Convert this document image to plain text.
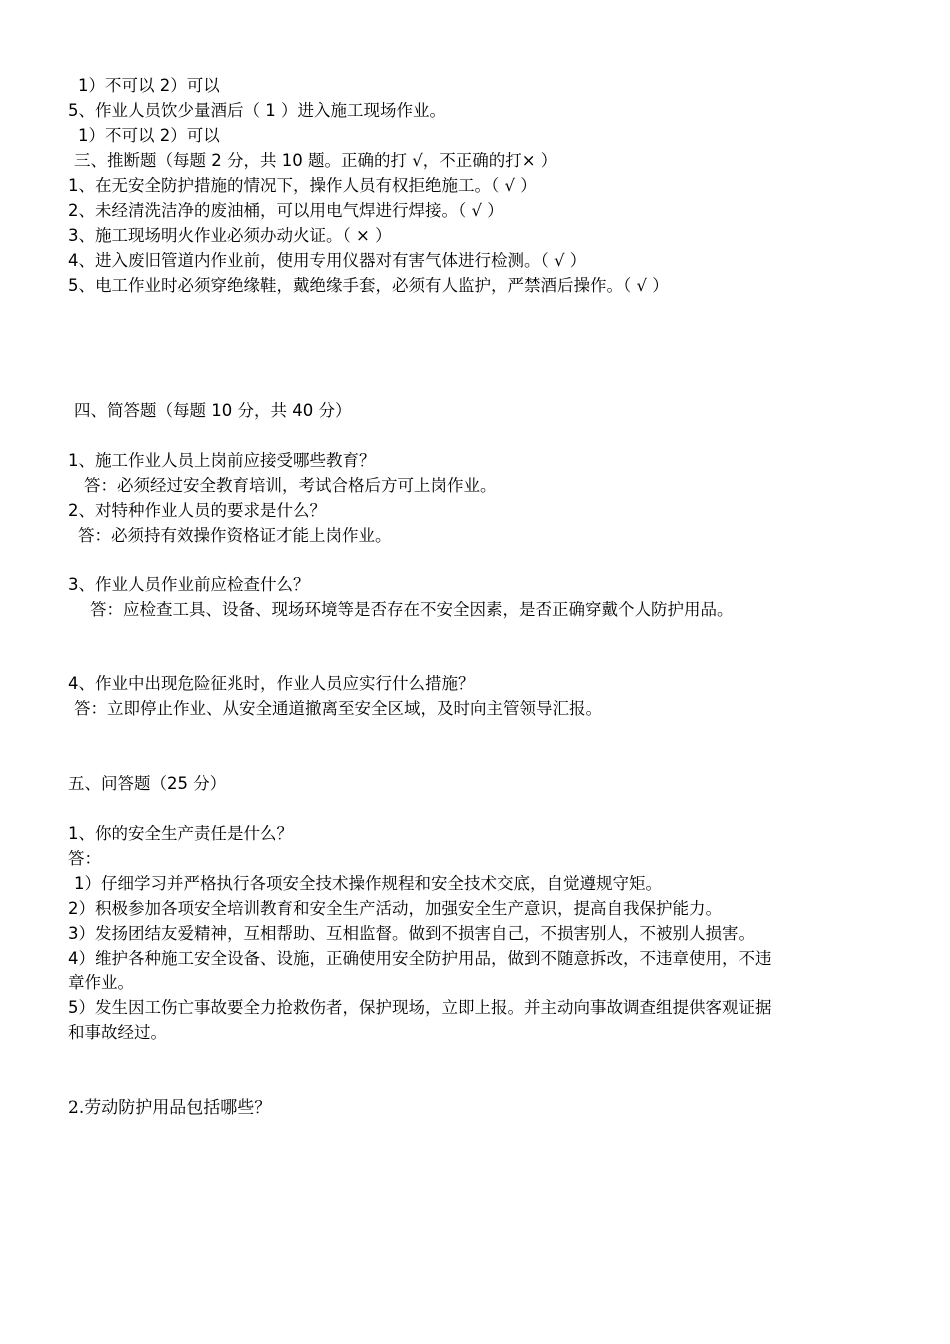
1）不可以 2）可以
5、作业人员饮少量酒后（ 1 ）进入施工现场作业。
1）不可以 2）可以
三、推断题（每题 2 分，共 10 题。正确的打 √，不正确的打× ）
1、在无安全防护措施的情况下，操作人员有权拒绝施工。（ √ ）
2、未经清洗洁净的废油桶，可以用电气焊进行焊接。（ √ ）
3、施工现场明火作业必须办动火证。（ × ）
4、进入废旧管道内作业前，使用专用仪器对有害气体进行检测。（ √ ）
5、电工作业时必须穿绝缘鞋，戴绝缘手套，必须有人监护，严禁酒后操作。（ √ ）
四、简答题（每题 10 分，共 40 分）
1、施工作业人员上岗前应接受哪些教育？
答：必须经过安全教育培训，考试合格后方可上岗作业。
2、对特种作业人员的要求是什么？
答：必须持有效操作资格证才能上岗作业。
3、作业人员作业前应检查什么？
答：应检查工具、设备、现场环境等是否存在不安全因素，是否正确穿戴个人防护用品。
4、作业中出现危险征兆时，作业人员应实行什么措施？
答：立即停止作业、从安全通道撤离至安全区域，及时向主管领导汇报。
五、问答题（25 分）
1、你的安全生产责任是什么？
答：
1）仔细学习并严格执行各项安全技术操作规程和安全技术交底，自觉遵规守矩。
2）积极参加各项安全培训教育和安全生产活动，加强安全生产意识，提高自我保护能力。
3）发扬团结友爱精神，互相帮助、互相监督。做到不损害自己，不损害别人，不被别人损害。
4）维护各种施工安全设备、设施，正确使用安全防护用品，做到不随意拆改，不违章使用，不违
章作业。
5）发生因工伤亡事故要全力抢救伤者，保护现场，立即上报。并主动向事故调查组提供客观证据
和事故经过。
2.劳动防护用品包括哪些？
